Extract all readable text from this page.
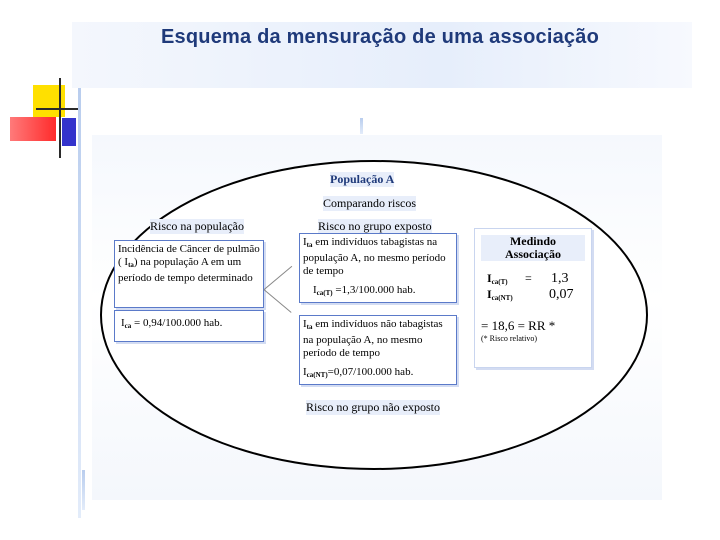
Esquema da mensuração de uma associação
População A
Comparando riscos
Risco na população

Incidência de Câncer de pulmão ( $I_{ta}$) na população A em um período de tempo determinado

$I_{ca} = 0,94/100.000$ hab.

Risco no grupo exposto

$I_{ta}$ em indivíduos tabagistas na população A, no mesmo período de tempo

$I_{ca(T)} =1,3/100.000$ hab.

$I_{ta}$ em indivíduos não tabagistas na população A, no mesmo período de tempo

$I_{ca(NT)}=0,07/100.000$ hab.

Risco no grupo não exposto

Medindo

Associação

$I_{ca(T)}$ =
$I_{ca(NT)}$
1,3
0,07

= 18,6 = RR *

(* Risco relativo)
